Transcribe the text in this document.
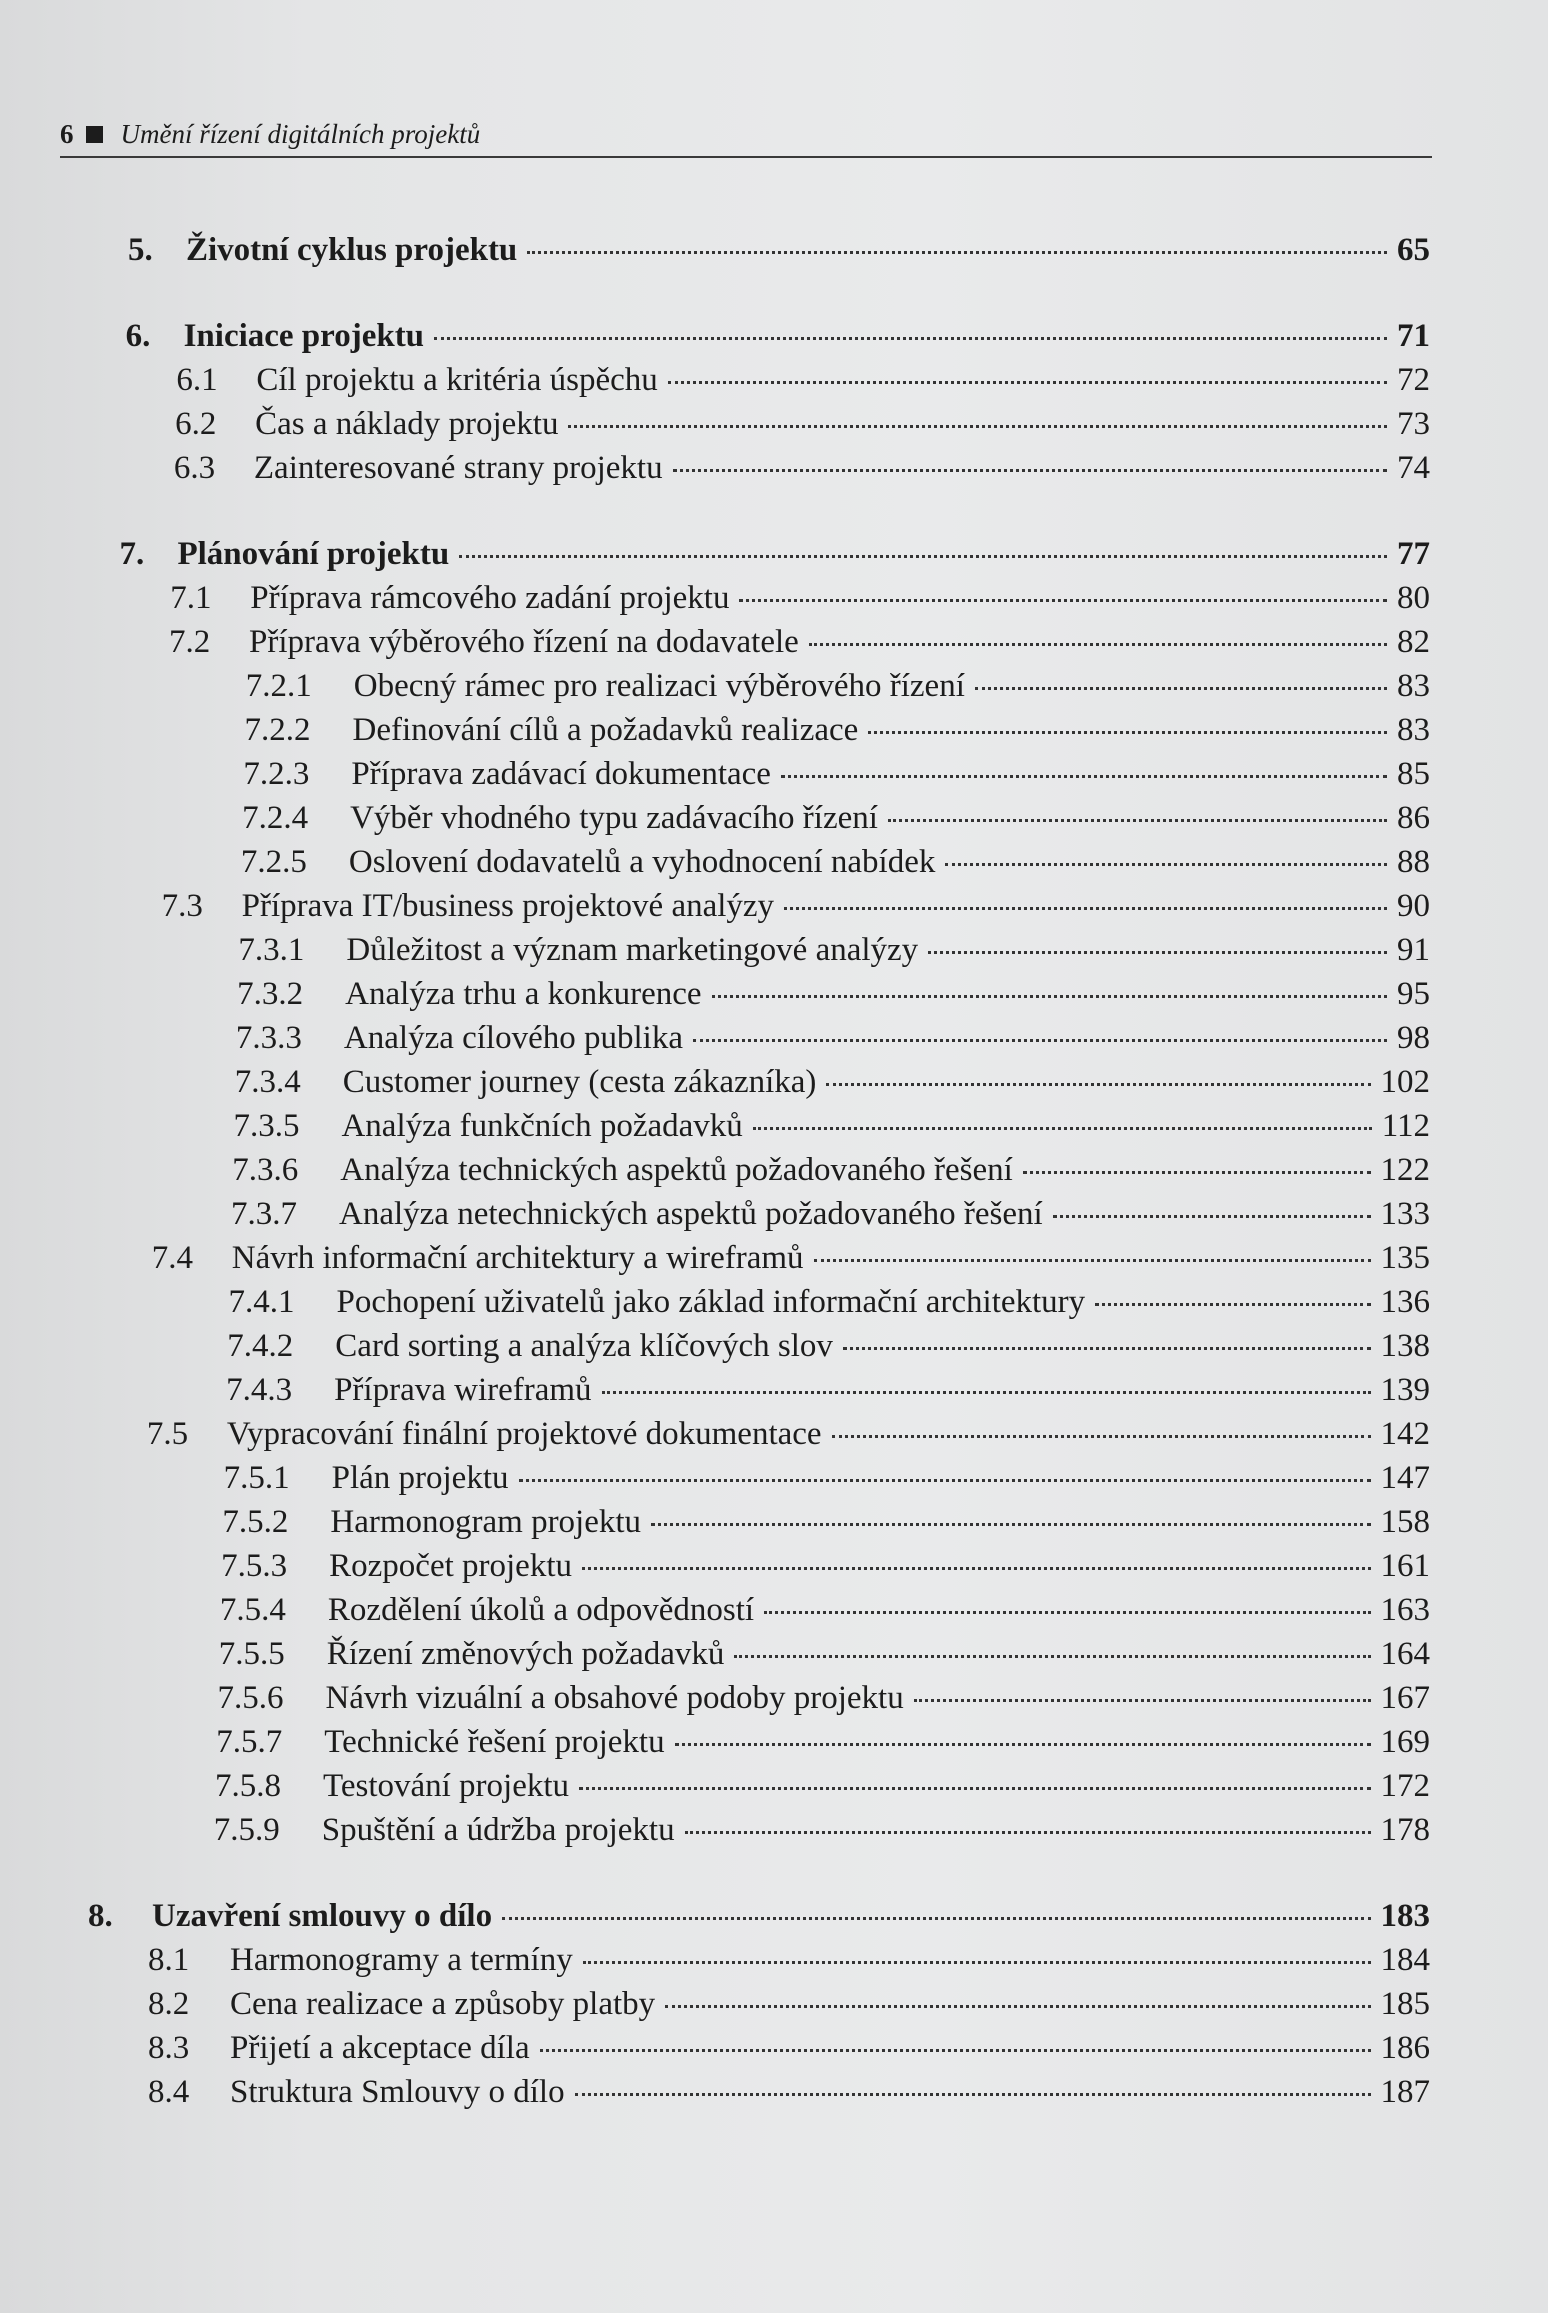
6 Umění řízení digitálních projektů
5.	Životní cyklus projektu	65
6.	Iniciace projektu	71
6.1	Cíl projektu a kritéria úspěchu	72
6.2	Čas a náklady projektu	73
6.3	Zainteresované strany projektu	74
7.	Plánování projektu	77
7.1	Příprava rámcového zadání projektu	80
7.2	Příprava výběrového řízení na dodavatele	82
7.2.1	Obecný rámec pro realizaci výběrového řízení	83
7.2.2	Definování cílů a požadavků realizace	83
7.2.3	Příprava zadávací dokumentace	85
7.2.4	Výběr vhodného typu zadávacího řízení	86
7.2.5	Oslovení dodavatelů a vyhodnocení nabídek	88
7.3	Příprava IT/business projektové analýzy	90
7.3.1	Důležitost a význam marketingové analýzy	91
7.3.2	Analýza trhu a konkurence	95
7.3.3	Analýza cílového publika	98
7.3.4	Customer journey (cesta zákazníka)	102
7.3.5	Analýza funkčních požadavků	112
7.3.6	Analýza technických aspektů požadovaného řešení	122
7.3.7	Analýza netechnických aspektů požadovaného řešení	133
7.4	Návrh informační architektury a wireframů	135
7.4.1	Pochopení uživatelů jako základ informační architektury	136
7.4.2	Card sorting a analýza klíčových slov	138
7.4.3	Příprava wireframů	139
7.5	Vypracování finální projektové dokumentace	142
7.5.1	Plán projektu	147
7.5.2	Harmonogram projektu	158
7.5.3	Rozpočet projektu	161
7.5.4	Rozdělení úkolů a odpovědností	163
7.5.5	Řízení změnových požadavků	164
7.5.6	Návrh vizuální a obsahové podoby projektu	167
7.5.7	Technické řešení projektu	169
7.5.8	Testování projektu	172
7.5.9	Spuštění a údržba projektu	178
8.	Uzavření smlouvy o dílo	183
8.1	Harmonogramy a termíny	184
8.2	Cena realizace a způsoby platby	185
8.3	Přijetí a akceptace díla	186
8.4	Struktura Smlouvy o dílo	187
